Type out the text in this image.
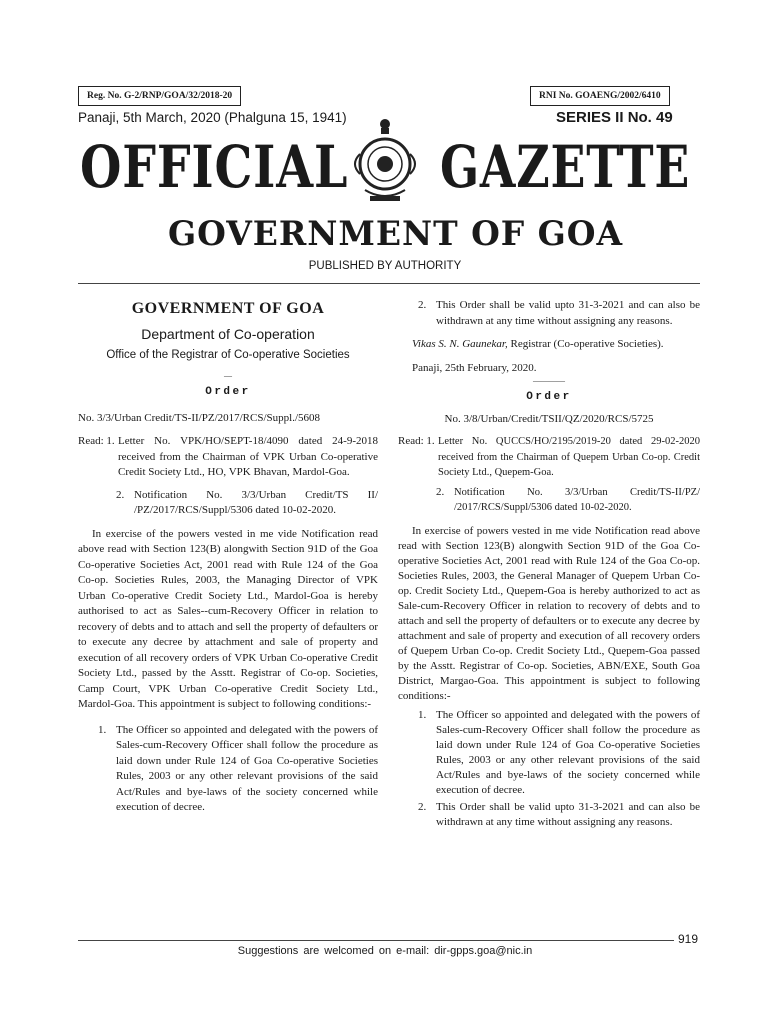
Reg. No. G-2/RNP/GOA/32/2018-20	RNI No. GOAENG/2002/6410
Panaji, 5th March, 2020 (Phalguna 15, 1941)	SERIES II No. 49
OFFICIAL GAZETTE
GOVERNMENT OF GOA
PUBLISHED BY AUTHORITY
GOVERNMENT OF GOA
Department of Co-operation
Office of the Registrar of Co-operative Societies
—
Order
No. 3/3/Urban Credit/TS-II/PZ/2017/RCS/Suppl./5608
Read: 1. Letter No. VPK/HO/SEPT-18/4090 dated 24-9-2018 received from the Chairman of VPK Urban Co-operative Credit Society Ltd., HO, VPK Bhavan, Mardol-Goa.
2. Notification No. 3/3/Urban Credit/TS II/ /PZ/2017/RCS/Suppl/5306 dated 10-02-2020.

In exercise of the powers vested in me vide Notification read above read with Section 123(B) alongwith Section 91D of the Goa Co-operative Societies Act, 2001 read with Rule 124 of the Goa Co-op. Societies Rules, 2003, the Managing Director of VPK Urban Co-operative Credit Society Ltd., Mardol-Goa is hereby authorised to act as Sales--cum-Recovery Officer in relation to recovery of debts and to attach and sell the property of defaulters or to execute any decree by attachment and sale of property and execution of all recovery orders of VPK Urban Co-operative Credit Society Ltd., passed by the Asstt. Registrar of Co-op. Societies, Camp Court, VPK Urban Co-operative Credit Society Ltd., Mardol-Goa. This appointment is subject to following conditions:-

1. The Officer so appointed and delegated with the powers of Sales-cum-Recovery Officer shall follow the procedure as laid down under Rule 124 of Goa Co-operative Societies Rules, 2003 or any other relevant provisions of the said Act/Rules and bye-laws of the society concerned while execution of decree.
2. This Order shall be valid upto 31-3-2021 and can also be withdrawn at any time without assigning any reasons.

Vikas S. N. Gaunekar, Registrar (Co-operative Societies).

Panaji, 25th February, 2020.

————
Order
No. 3/8/Urban/Credit/TSII/QZ/2020/RCS/5725
Read: 1. Letter No. QUCCS/HO/2195/2019-20 dated 29-02-2020 received from the Chairman of Quepem Urban Co-op. Credit Society Ltd., Quepem-Goa.
2. Notification No. 3/3/Urban Credit/TS-II/PZ/ /2017/RCS/Suppl/5306 dated 10-02-2020.

In exercise of powers vested in me vide Notification read above read with Section 123(B) alongwith Section 91D of the Goa Co-operative Societies Act, 2001 read with Rule 124 of the Goa Co-op. Societies Rules, 2003, the General Manager of Quepem Urban Co-op. Credit Society Ltd., Quepem-Goa is hereby authorized to act as Sale-cum-Recovery Officer in relation to recovery of debts and to attach and sell the property of defaulters or to execute any decree by attachment and sale of property and execution of all recovery orders of Quepem Urban Co-op. Credit Society Ltd., Quepem-Goa passed by the Asstt. Registrar of Co-op. Societies, ABN/EXE, South Goa District, Margao-Goa. This appointment is subject to following conditions:-

1. The Officer so appointed and delegated with the powers of Sales-cum-Recovery Officer shall follow the procedure as laid down under Rule 124 of Goa Co-operative Societies Rules, 2003 or any other relevant provisions of the said Act/Rules and bye-laws of the society concerned while execution of decree.
2. This Order shall be valid upto 31-3-2021 and can also be withdrawn at any time without assigning any reasons.
919
Suggestions are welcomed on e-mail: dir-gpps.goa@nic.in
